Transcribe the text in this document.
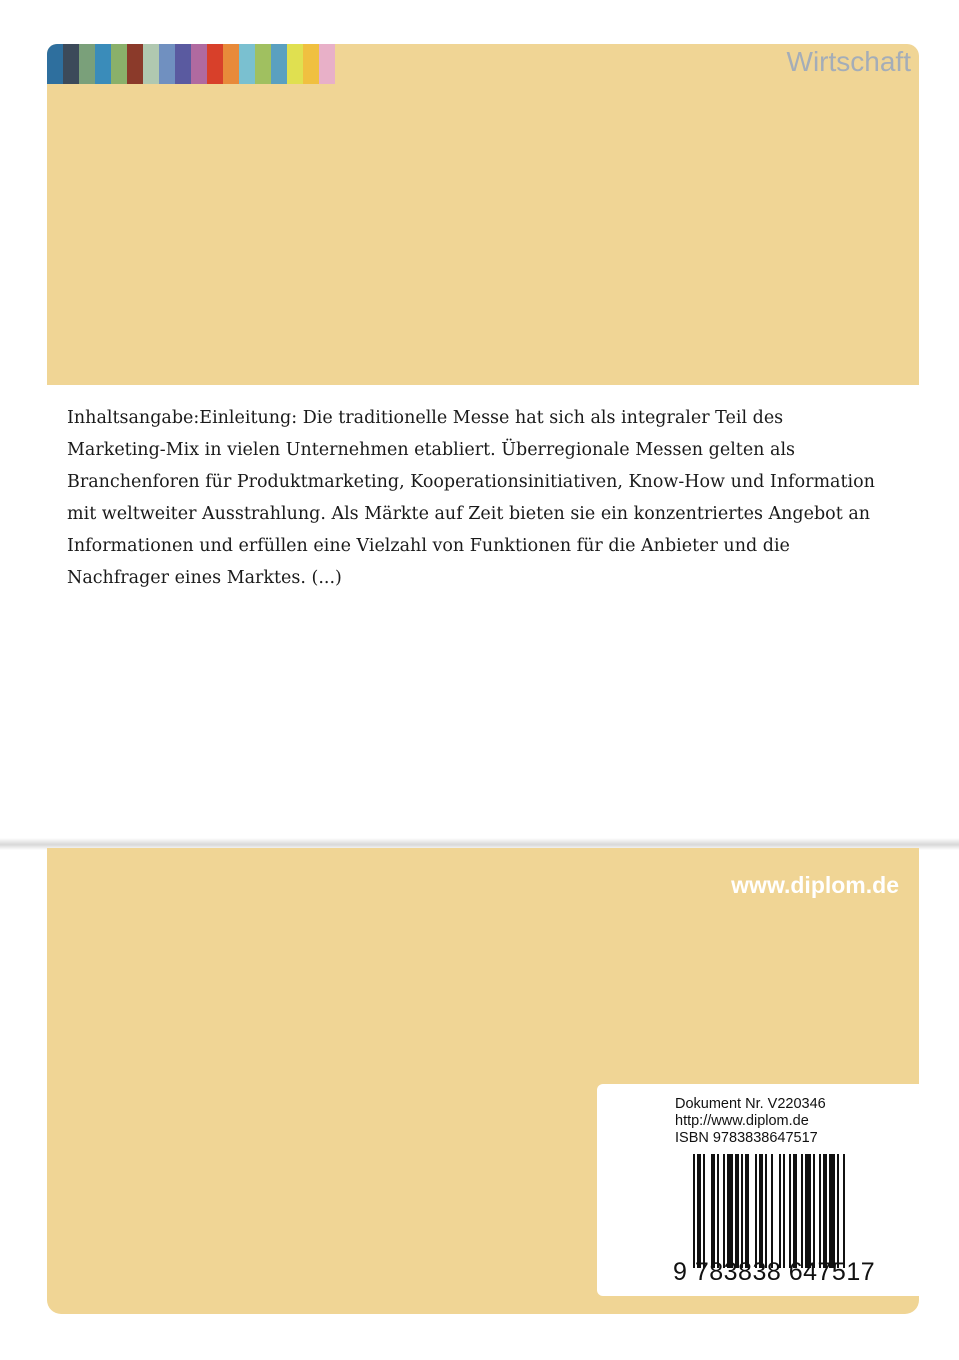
Wirtschaft
Inhaltsangabe:Einleitung: Die traditionelle Messe hat sich als integraler Teil des Marketing-Mix in vielen Unternehmen etabliert. Überregionale Messen gelten als Branchenforen für Produktmarketing, Kooperationsinitiativen, Know-How und Information mit weltweiter Ausstrahlung. Als Märkte auf Zeit bieten sie ein konzentriertes Angebot an Informationen und erfüllen eine Vielzahl von Funktionen für die Anbieter und die Nachfrager eines Marktes. (...)
www.diplom.de
Dokument Nr. V220346
http://www.diplom.de
ISBN 9783838647517
9 783838 647517
